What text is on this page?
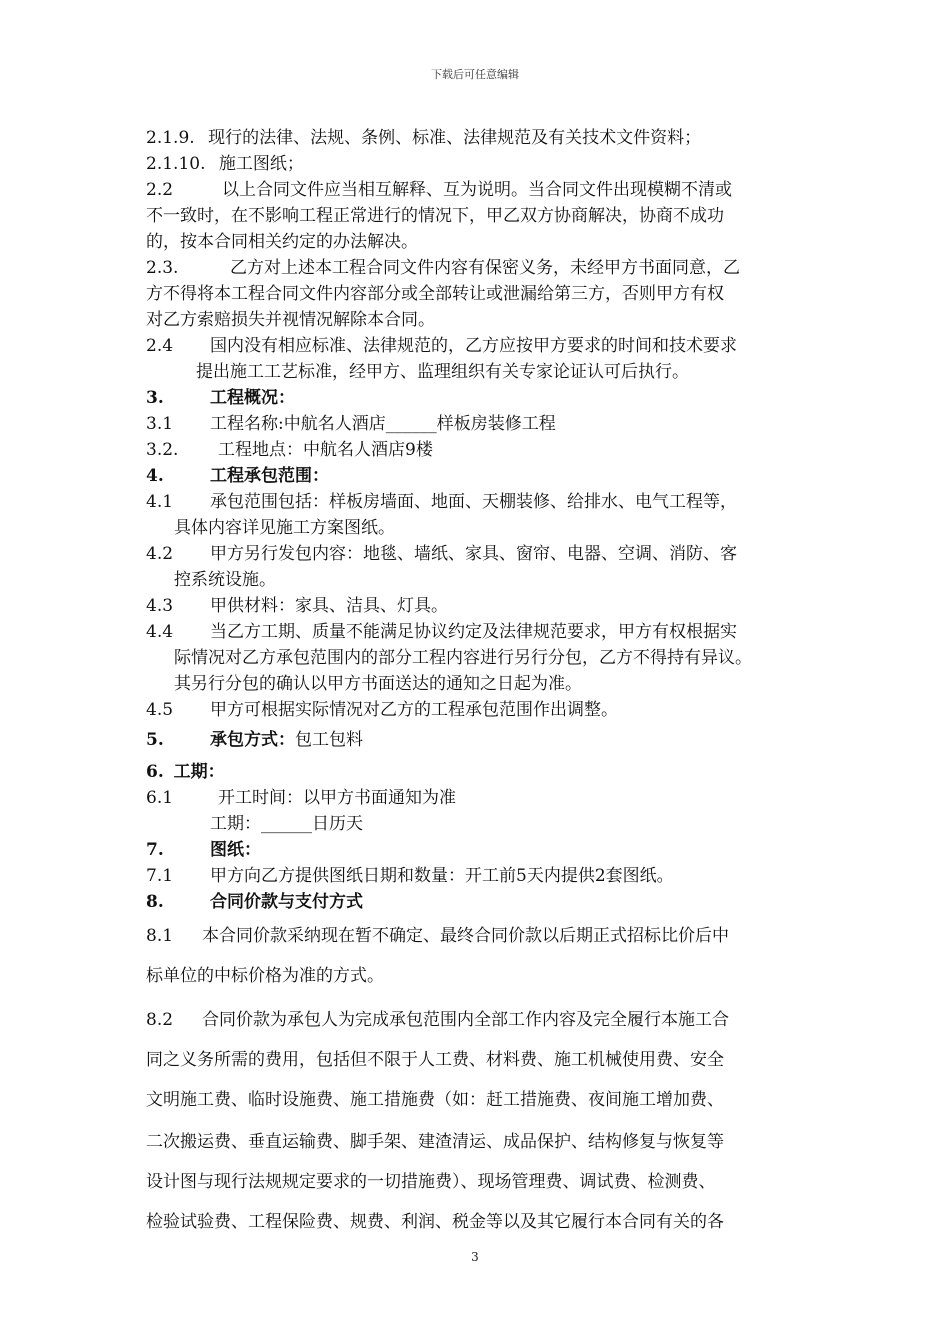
下载后可任意编辑
2.1.9. 现行的法律、法规、条例、标准、法律规范及有关技术文件资料；
2.1.10. 施工图纸；
2.2	以上合同文件应当相互解释、互为说明。当合同文件出现模糊不清或
不一致时，在不影响工程正常进行的情况下，甲乙双方协商解决，协商不成功
的，按本合同相关约定的办法解决。
2.3.	乙方对上述本工程合同文件内容有保密义务，未经甲方书面同意，乙
方不得将本工程合同文件内容部分或全部转让或泄漏给第三方，否则甲方有权
对乙方索赔损失并视情况解除本合同。
2.4 国内没有相应标准、法律规范的，乙方应按甲方要求的时间和技术要求
提出施工工艺标准，经甲方、监理组织有关专家论证认可后执行。
3.	工程概况：
3.1 工程名称:中航名人酒店______样板房装修工程
3.2. 工程地点：中航名人酒店9楼
4.	工程承包范围：
4.1 承包范围包括：样板房墙面、地面、天棚装修、给排水、电气工程等，
具体内容详见施工方案图纸。
4.2 甲方另行发包内容：地毯、墙纸、家具、窗帘、电器、空调、消防、客
控系统设施。
4.3 甲供材料：家具、洁具、灯具。
4.4 当乙方工期、质量不能满足协议约定及法律规范要求，甲方有权根据实
际情况对乙方承包范围内的部分工程内容进行另行分包，乙方不得持有异议。
其另行分包的确认以甲方书面送达的通知之日起为准。
4.5 甲方可根据实际情况对乙方的工程承包范围作出调整。
5.	承包方式：包工包料
6. 工期：
6.1	开工时间：以甲方书面通知为准
工期：______日历天
7.	图纸：
7.1 甲方向乙方提供图纸日期和数量：开工前5天内提供2套图纸。
8.	合同价款与支付方式
8.1 本合同价款采纳现在暂不确定、最终合同价款以后期正式招标比价后中
标单位的中标价格为准的方式。
8.2 合同价款为承包人为完成承包范围内全部工作内容及完全履行本施工合
同之义务所需的费用，包括但不限于人工费、材料费、施工机械使用费、安全
文明施工费、临时设施费、施工措施费（如：赶工措施费、夜间施工增加费、
二次搬运费、垂直运输费、脚手架、建渣清运、成品保护、结构修复与恢复等
设计图与现行法规规定要求的一切措施费）、现场管理费、调试费、检测费、
检验试验费、工程保险费、规费、利润、税金等以及其它履行本合同有关的各
3
